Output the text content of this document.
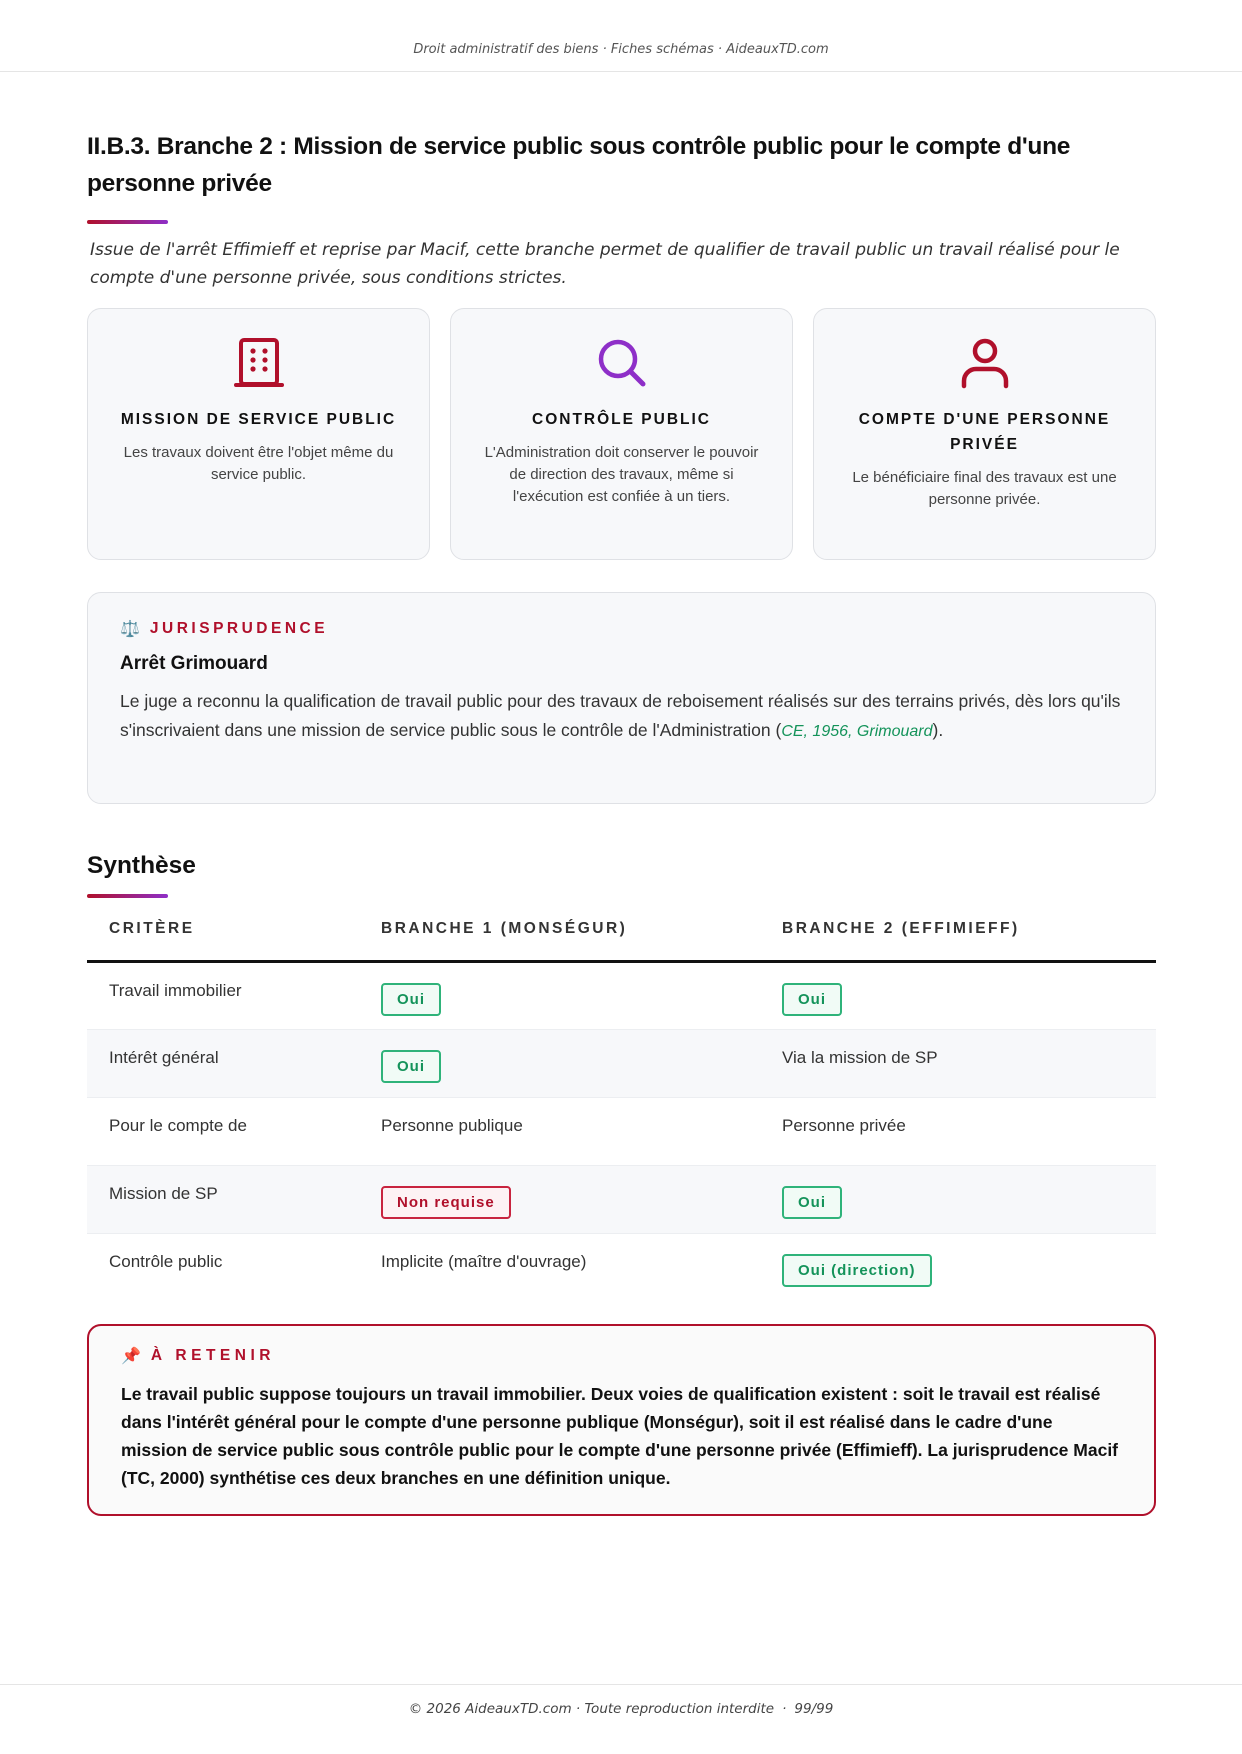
Droit administratif des biens · Fiches schémas · AideauxTD.com
II.B.3. Branche 2 : Mission de service public sous contrôle public pour le compte d'une personne privée

Issue de l'arrêt Effimieff et reprise par Macif, cette branche permet de qualifier de travail public un travail réalisé pour le compte d'une personne privée, sous conditions strictes.

MISSION DE SERVICE PUBLIC
Les travaux doivent être l'objet même du service public.
CONTRÔLE PUBLIC
L'Administration doit conserver le pouvoir de direction des travaux, même si l'exécution est confiée à un tiers.
COMPTE D'UNE PERSONNE PRIVÉE
Le bénéficiaire final des travaux est une personne privée.
⚖️ JURISPRUDENCE
Arrêt Grimouard
Le juge a reconnu la qualification de travail public pour des travaux de reboisement réalisés sur des terrains privés, dès lors qu'ils s'inscrivaient dans une mission de service public sous le contrôle de l'Administration (CE, 1956, Grimouard).
Synthèse
CRITÈRE	BRANCHE 1 (MONSÉGUR)	BRANCHE 2 (EFFIMIEFF)
Travail immobilier	Oui	Oui
Intérêt général	Oui	Via la mission de SP
Pour le compte de	Personne publique	Personne privée
Mission de SP	Non requise	Oui
Contrôle public	Implicite (maître d'ouvrage)	Oui (direction)
📌 À RETENIR
Le travail public suppose toujours un travail immobilier. Deux voies de qualification existent : soit le travail est réalisé dans l'intérêt général pour le compte d'une personne publique (Monségur), soit il est réalisé dans le cadre d'une mission de service public sous contrôle public pour le compte d'une personne privée (Effimieff). La jurisprudence Macif (TC, 2000) synthétise ces deux branches en une définition unique.
© 2026 AideauxTD.com · Toute reproduction interdite · 99/99
